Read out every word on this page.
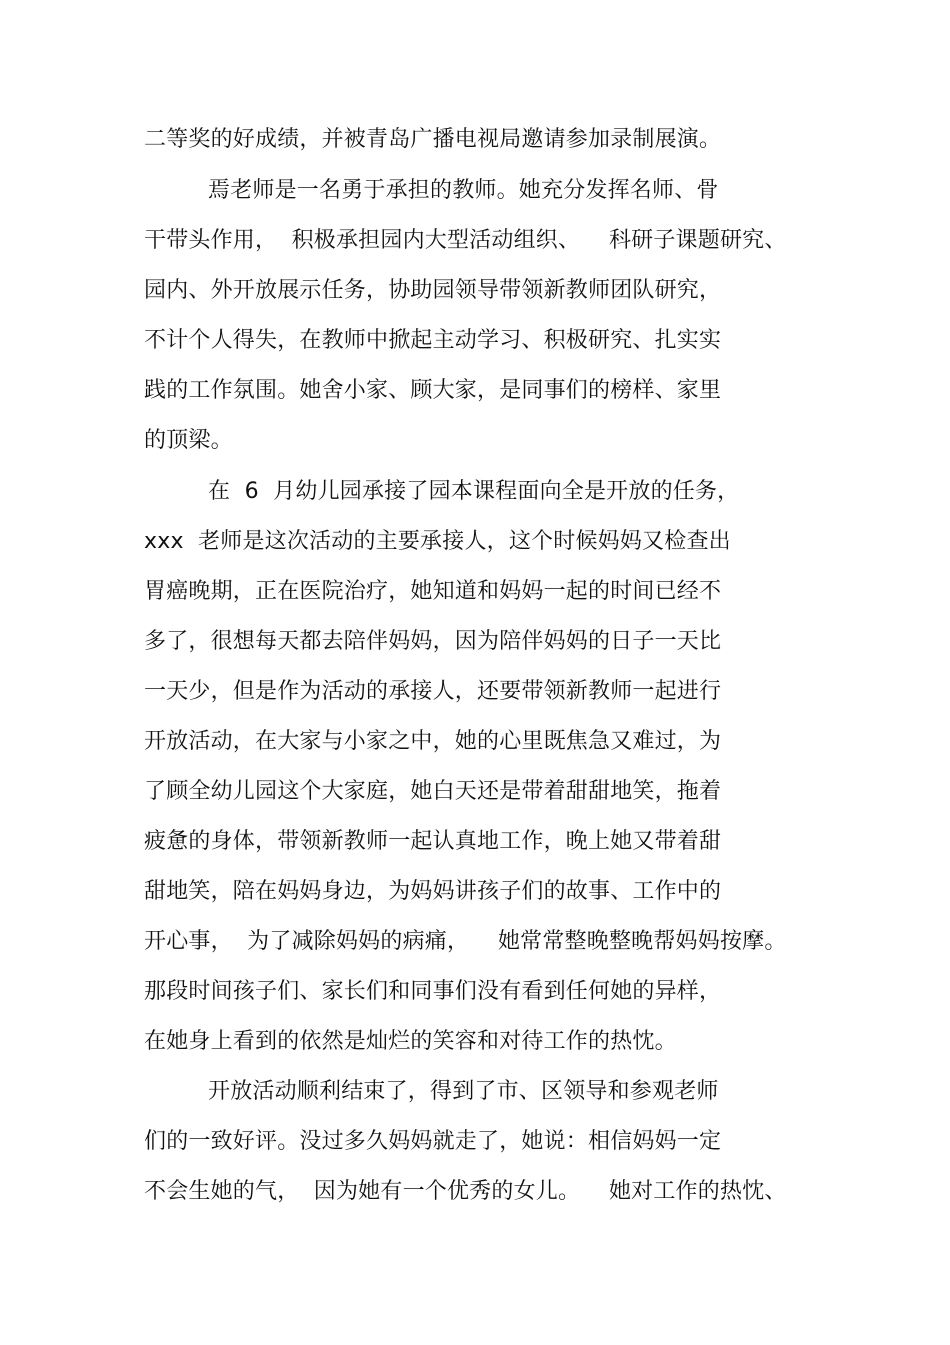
二等奖的好成绩，并被青岛广播电视局邀请参加录制展演。
焉老师是一名勇于承担的教师。她充分发挥名师、骨
干带头作用，  积极承担园内大型活动组织、    科研子课题研究、
园内、外开放展示任务，协助园领导带领新教师团队研究，
不计个人得失，在教师中掀起主动学习、积极研究、扎实实
践的工作氛围。她舍小家、顾大家，是同事们的榜样、家里
的顶梁。
在  6  月幼儿园承接了园本课程面向全是开放的任务，
xxx  老师是这次活动的主要承接人，这个时候妈妈又检查出
胃癌晚期，正在医院治疗，她知道和妈妈一起的时间已经不
多了，很想每天都去陪伴妈妈，因为陪伴妈妈的日子一天比
一天少，但是作为活动的承接人，还要带领新教师一起进行
开放活动，在大家与小家之中，她的心里既焦急又难过，为
了顾全幼儿园这个大家庭，她白天还是带着甜甜地笑，拖着
疲惫的身体，带领新教师一起认真地工作，晚上她又带着甜
甜地笑，陪在妈妈身边，为妈妈讲孩子们的故事、工作中的
开心事，  为了减除妈妈的病痛，    她常常整晚整晚帮妈妈按摩。
那段时间孩子们、家长们和同事们没有看到任何她的异样，
在她身上看到的依然是灿烂的笑容和对待工作的热忱。
开放活动顺利结束了，得到了市、区领导和参观老师
们的一致好评。没过多久妈妈就走了，她说：相信妈妈一定
不会生她的气，  因为她有一个优秀的女儿。    她对工作的热忱、
